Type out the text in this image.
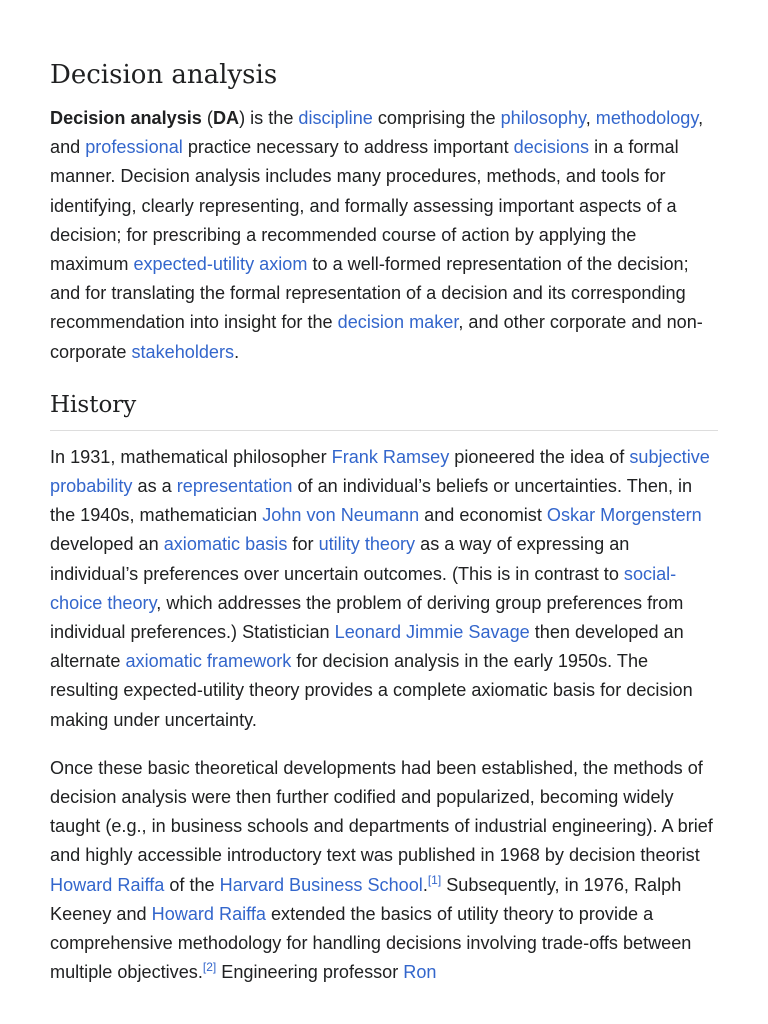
Decision analysis

Decision analysis (DA) is the discipline comprising the philosophy, methodology, and professional practice necessary to address important decisions in a formal manner. Decision analysis includes many procedures, methods, and tools for identifying, clearly representing, and formally assessing important aspects of a decision; for prescribing a recommended course of action by applying the maximum expected-utility axiom to a well-formed representation of the decision; and for translating the formal representation of a decision and its corresponding recommendation into insight for the decision maker, and other corporate and non-corporate stakeholders.

History

In 1931, mathematical philosopher Frank Ramsey pioneered the idea of subjective probability as a representation of an individual’s beliefs or uncertainties. Then, in the 1940s, mathematician John von Neumann and economist Oskar Morgenstern developed an axiomatic basis for utility theory as a way of expressing an individual’s preferences over uncertain outcomes. (This is in contrast to social-choice theory, which addresses the problem of deriving group preferences from individual preferences.) Statistician Leonard Jimmie Savage then developed an alternate axiomatic framework for decision analysis in the early 1950s. The resulting expected-utility theory provides a complete axiomatic basis for decision making under uncertainty.

Once these basic theoretical developments had been established, the methods of decision analysis were then further codified and popularized, becoming widely taught (e.g., in business schools and departments of industrial engineering). A brief and highly accessible introductory text was published in 1968 by decision theorist Howard Raiffa of the Harvard Business School.[1] Subsequently, in 1976, Ralph Keeney and Howard Raiffa extended the basics of utility theory to provide a comprehensive methodology for handling decisions involving trade-offs between multiple objectives.[2] Engineering professor Ron
